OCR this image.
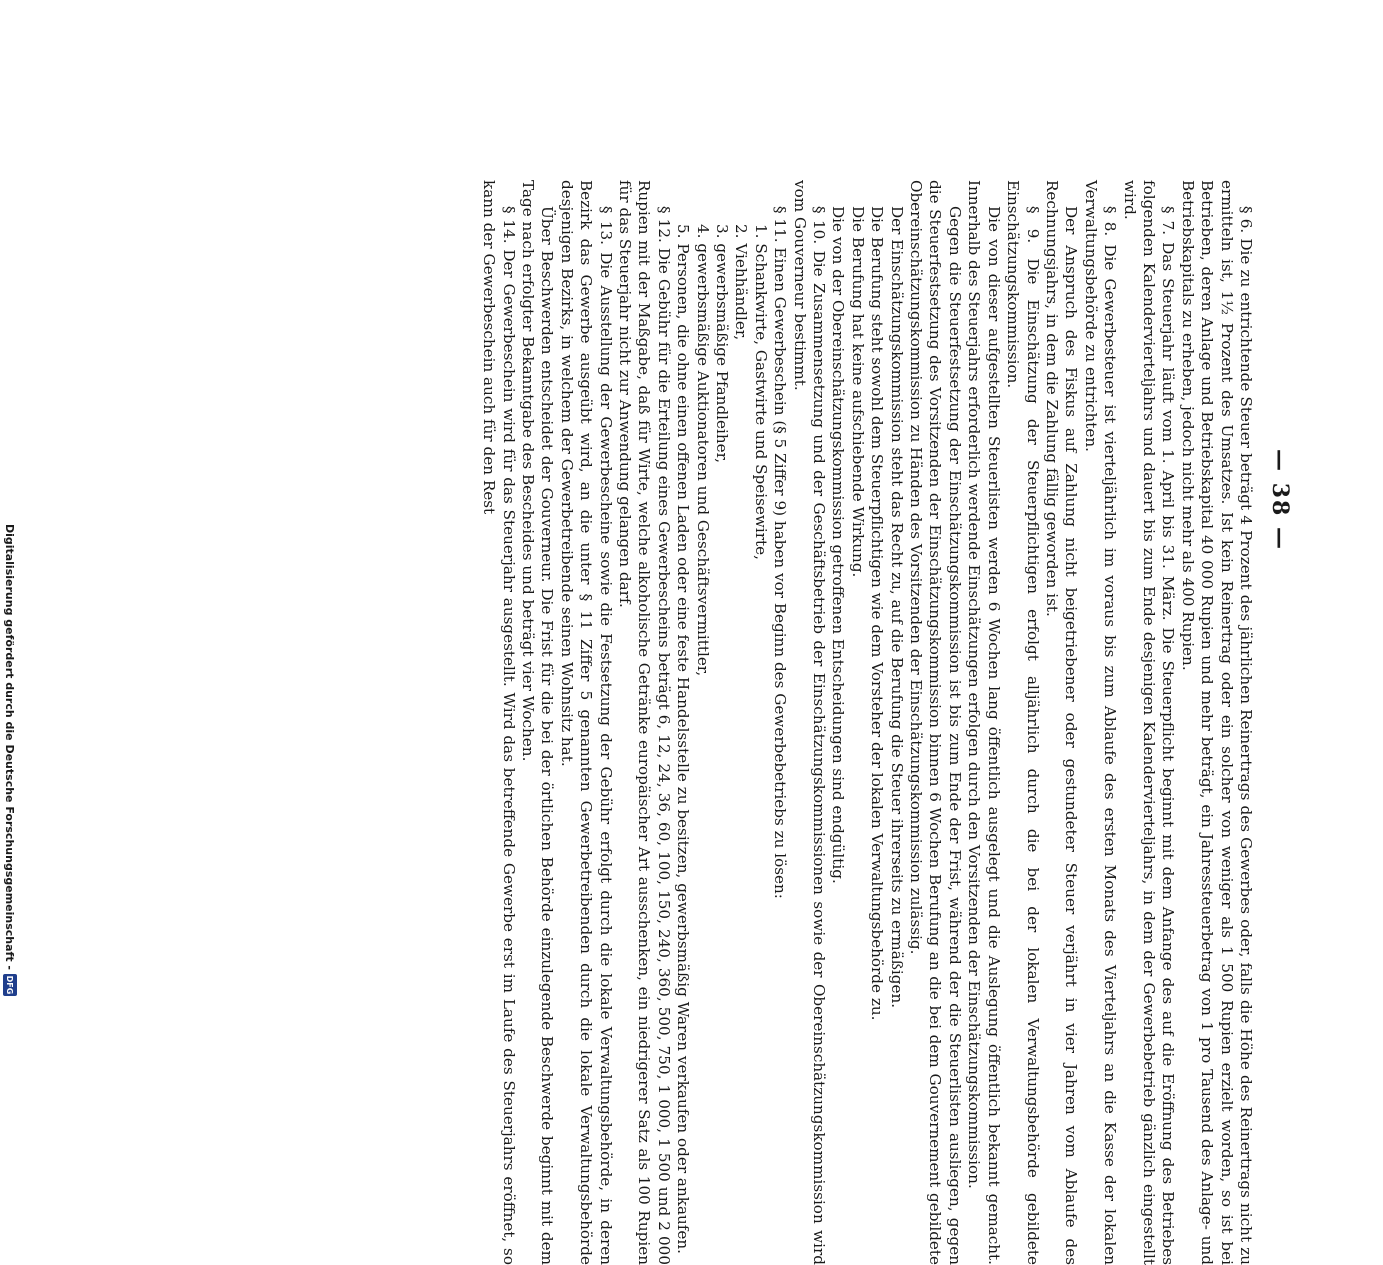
— 38 —

§ 6. Die zu entrichtende Steuer beträgt 4 Prozent des jährlichen Reinertrags des Gewerbes oder, falls die Höhe des Reinertrags nicht zu ermitteln ist, 1½ Prozent des Umsatzes. Ist kein Reinertrag oder ein solcher von weniger als 1 500 Rupien erzielt worden, so ist bei Betrieben, deren Anlage und Betriebskapital 40 000 Rupien und mehr beträgt, ein Jahressteuerbetrag von 1 pro Tausend des Anlage- und Betriebskapitals zu erheben, jedoch nicht mehr als 400 Rupien.

§ 7. Das Steuerjahr läuft vom 1. April bis 31. März. Die Steuerpflicht beginnt mit dem Anfange des auf die Eröffnung des Betriebes folgenden Kalendervierteljahrs und dauert bis zum Ende desjenigen Kalendervierteljahrs, in dem der Gewerbebetrieb gänzlich eingestellt wird.

§ 8. Die Gewerbesteuer ist vierteljährlich im voraus bis zum Ablaufe des ersten Monats des Vierteljahrs an die Kasse der lokalen Verwaltungsbehörde zu entrichten.

Der Anspruch des Fiskus auf Zahlung nicht beigetriebener oder gestundeter Steuer verjährt in vier Jahren vom Ablaufe des Rechnungsjahrs, in dem die Zahlung fällig geworden ist.

§ 9. Die Einschätzung der Steuerpflichtigen erfolgt alljährlich durch die bei der lokalen Verwaltungsbehörde gebildete Einschätzungskommission.

Die von dieser aufgestellten Steuerlisten werden 6 Wochen lang öffentlich ausgelegt und die Auslegung öffentlich bekannt gemacht. Innerhalb des Steuerjahrs erforderlich werdende Einschätzungen erfolgen durch den Vorsitzenden der Einschätzungskommission.

Gegen die Steuerfestsetzung der Einschätzungskommission ist bis zum Ende der Frist, während der die Steuerlisten ausliegen, gegen die Steuerfestsetzung des Vorsitzenden der Einschätzungskommission binnen 6 Wochen Berufung an die bei dem Gouvernement gebildete Obereinschätzungskommission zu Händen des Vorsitzenden der Einschätzungskommission zulässig.

Der Einschätzungskommission steht das Recht zu, auf die Berufung die Steuer ihrerseits zu ermäßigen.

Die Berufung steht sowohl dem Steuerpflichtigen wie dem Vorsteher der lokalen Verwaltungsbehörde zu.

Die Berufung hat keine aufschiebende Wirkung.

Die von der Obereinschätzungskommission getroffenen Entscheidungen sind endgültig.

§ 10. Die Zusammensetzung und der Geschäftsbetrieb der Einschätzungskommissionen sowie der Obereinschätzungskommission wird vom Gouverneur bestimmt.

§ 11. Einen Gewerbeschein (§ 5 Ziffer 9) haben vor Beginn des Gewerbebetriebs zu lösen:

1. Schankwirte, Gastwirte und Speisewirte,
2. Viehhändler,
3. gewerbsmäßige Pfandleiher,
4. gewerbsmäßige Auktionatoren und Geschäftsvermittler,
5. Personen, die ohne einen offenen Laden oder eine feste Handelsstelle zu besitzen, gewerbsmäßig Waren verkaufen oder ankaufen.

§ 12. Die Gebühr für die Erteilung eines Gewerbescheins beträgt 6, 12, 24, 36, 60, 100, 150, 240, 360, 500, 750, 1 000, 1 500 und 2 000 Rupien mit der Maßgabe, daß für Wirte, welche alkoholische Getränke europäischer Art ausschenken, ein niedrigerer Satz als 100 Rupien für das Steuerjahr nicht zur Anwendung gelangen darf.

§ 13. Die Ausstellung der Gewerbescheine sowie die Festsetzung der Gebühr erfolgt durch die lokale Verwaltungsbehörde, in deren Bezirk das Gewerbe ausgeübt wird, an die unter § 11 Ziffer 5 genannten Gewerbetreibenden durch die lokale Verwaltungsbehörde desjenigen Bezirks, in welchem der Gewerbetreibende seinen Wohnsitz hat.

Über Beschwerden entscheidet der Gouverneur. Die Frist für die bei der örtlichen Behörde einzulegende Beschwerde beginnt mit dem Tage nach erfolgter Bekanntgabe des Bescheides und beträgt vier Wochen.

§ 14. Der Gewerbeschein wird für das Steuerjahr ausgestellt. Wird das betreffende Gewerbe erst im Laufe des Steuerjahrs eröffnet, so kann der Gewerbeschein auch für den Rest

Digitalisierung gefördert durch die Deutsche Forschungsgemeinschaft -
DFG
